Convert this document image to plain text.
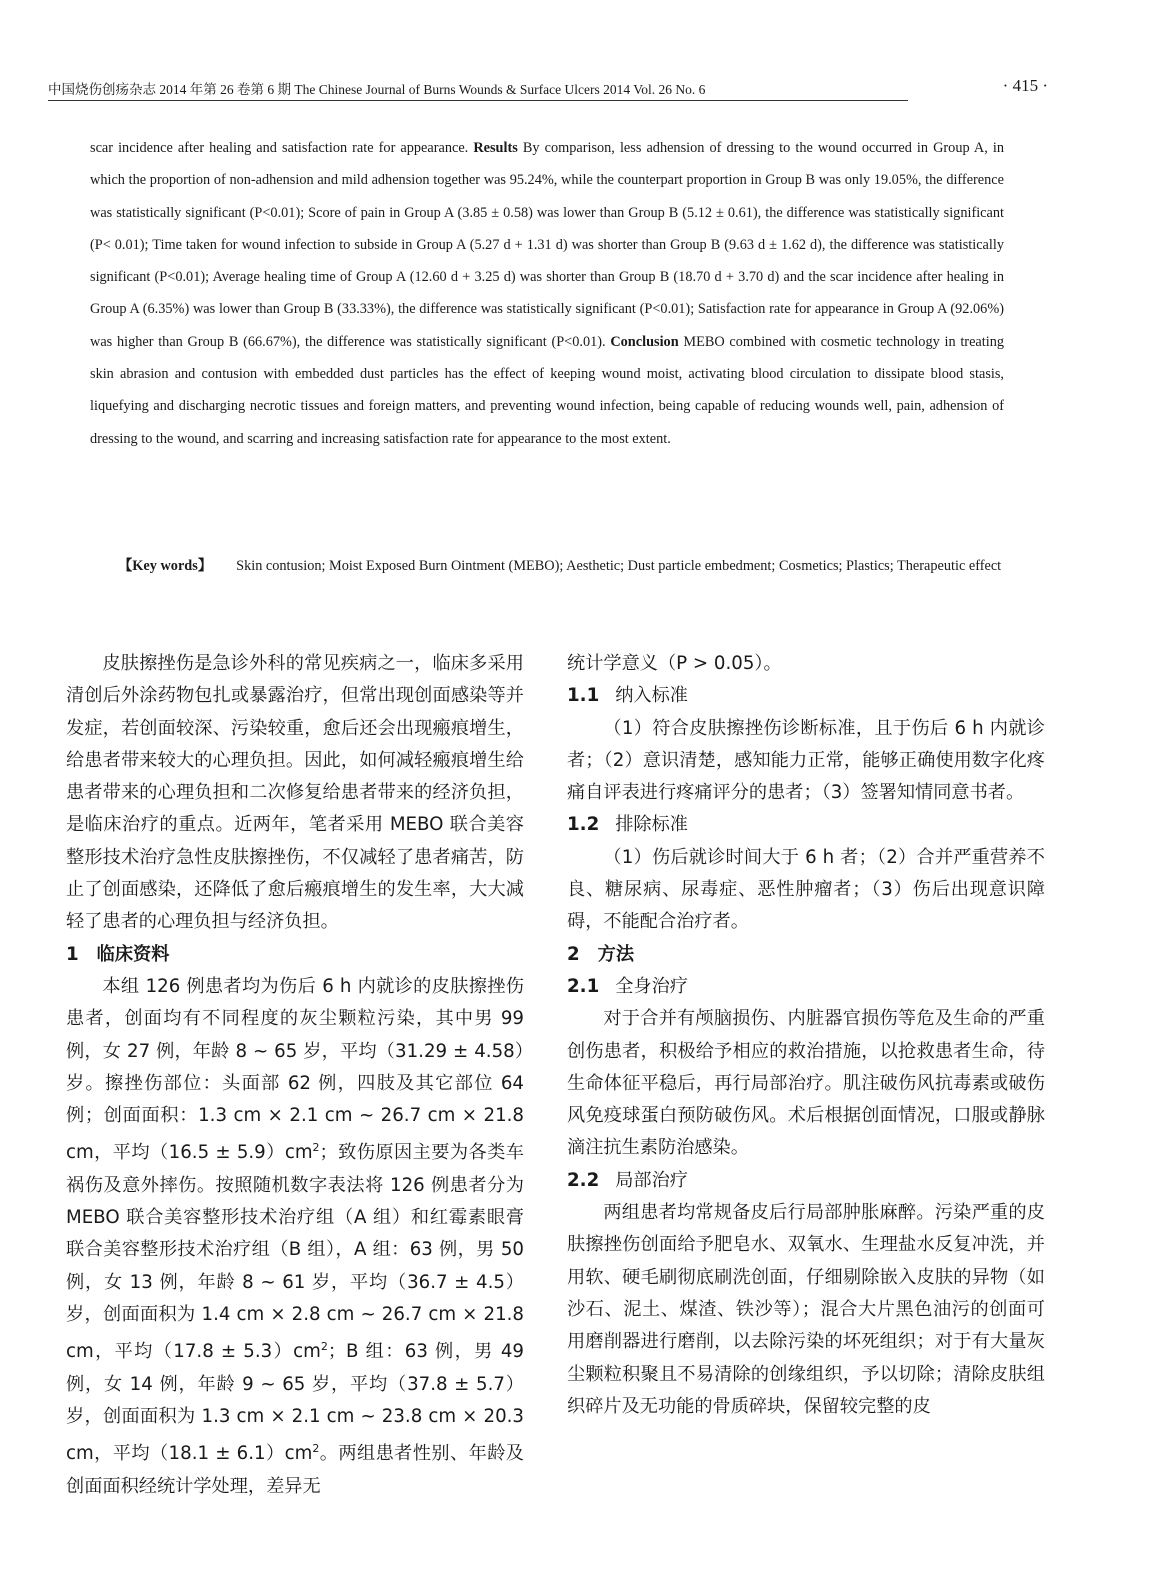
中国烧伤创疡杂志 2014 年第 26 卷第 6 期 The Chinese Journal of Burns Wounds & Surface Ulcers 2014 Vol. 26 No. 6	· 415 ·
scar incidence after healing and satisfaction rate for appearance. Results By comparison, less adhension of dressing to the wound occurred in Group A, in which the proportion of non-adhension and mild adhension together was 95.24%, while the counterpart proportion in Group B was only 19.05%, the difference was statistically significant (P<0.01); Score of pain in Group A (3.85 ± 0.58) was lower than Group B (5.12 ± 0.61), the difference was statistically significant (P< 0.01); Time taken for wound infection to subside in Group A (5.27 d + 1.31 d) was shorter than Group B (9.63 d ± 1.62 d), the difference was statistically significant (P<0.01); Average healing time of Group A (12.60 d + 3.25 d) was shorter than Group B (18.70 d + 3.70 d) and the scar incidence after healing in Group A (6.35%) was lower than Group B (33.33%), the difference was statistically significant (P<0.01); Satisfaction rate for appearance in Group A (92.06%) was higher than Group B (66.67%), the difference was statistically significant (P<0.01). Conclusion MEBO combined with cosmetic technology in treating skin abrasion and contusion with embedded dust particles has the effect of keeping wound moist, activating blood circulation to dissipate blood stasis, liquefying and discharging necrotic tissues and foreign matters, and preventing wound infection, being capable of reducing wounds well, pain, adhension of dressing to the wound, and scarring and increasing satisfaction rate for appearance to the most extent.
【Key words】 Skin contusion; Moist Exposed Burn Ointment (MEBO); Aesthetic; Dust particle embedment; Cosmetics; Plastics; Therapeutic effect

皮肤擦挫伤是急诊外科的常见疾病之一，临床多采用清创后外涂药物包扎或暴露治疗，但常出现创面感染等并发症，若创面较深、污染较重，愈后还会出现瘢痕增生，给患者带来较大的心理负担。因此，如何减轻瘢痕增生给患者带来的心理负担和二次修复给患者带来的经济负担，是临床治疗的重点。近两年，笔者采用 MEBO 联合美容整形技术治疗急性皮肤擦挫伤，不仅减轻了患者痛苦，防止了创面感染，还降低了愈后瘢痕增生的发生率，大大减轻了患者的心理负担与经济负担。

1 临床资料

本组 126 例患者均为伤后 6 h 内就诊的皮肤擦挫伤患者，创面均有不同程度的灰尘颗粒污染，其中男 99 例，女 27 例，年龄 8 ~ 65 岁，平均（31.29 ± 4.58）岁。擦挫伤部位：头面部 62 例，四肢及其它部位 64 例；创面面积：1.3 cm × 2.1 cm ~ 26.7 cm × 21.8 cm，平均$(16.5 \pm 5.9)cm^2$；致伤原因主要为各类车祸伤及意外摔伤。按照随机数字表法将 126 例患者分为 MEBO 联合美容整形技术治疗组（A 组）和红霉素眼膏联合美容整形技术治疗组（B 组），A 组：63 例，男 50 例，女 13 例，年龄 8 ~ 61 岁，平均（36.7 ± 4.5）岁，创面面积为 1.4 cm × 2.8 cm ~ 26.7 cm × 21.8 cm，平均$(17.8 \pm 5.3)cm^2$；B 组：63 例，男 49 例，女 14 例，年龄 9 ~ 65 岁，平均（37.8 ± 5.7）岁，创面面积为 1.3 cm × 2.1 cm ~ 23.8 cm × 20.3 cm，平均$(18.1 \pm 6.1)cm^2$。两组患者性别、年龄及创面面积经统计学处理，差异无

统计学意义（P > 0.05）。

1.1 纳入标准

（1）符合皮肤擦挫伤诊断标准，且于伤后 6 h 内就诊者；（2）意识清楚，感知能力正常，能够正确使用数字化疼痛自评表进行疼痛评分的患者；（3）签署知情同意书者。

1.2 排除标准

（1）伤后就诊时间大于 6 h 者；（2）合并严重营养不良、糖尿病、尿毒症、恶性肿瘤者；（3）伤后出现意识障碍，不能配合治疗者。

2 方法

2.1 全身治疗

对于合并有颅脑损伤、内脏器官损伤等危及生命的严重创伤患者，积极给予相应的救治措施，以抢救患者生命，待生命体征平稳后，再行局部治疗。肌注破伤风抗毒素或破伤风免疫球蛋白预防破伤风。术后根据创面情况，口服或静脉滴注抗生素防治感染。

2.2 局部治疗

两组患者均常规备皮后行局部肿胀麻醉。污染严重的皮肤擦挫伤创面给予肥皂水、双氧水、生理盐水反复冲洗，并用软、硬毛刷彻底刷洗创面，仔细剔除嵌入皮肤的异物（如沙石、泥土、煤渣、铁沙等）；混合大片黑色油污的创面可用磨削器进行磨削，以去除污染的坏死组织；对于有大量灰尘颗粒积聚且不易清除的创缘组织，予以切除；清除皮肤组织碎片及无功能的骨质碎块，保留较完整的皮
